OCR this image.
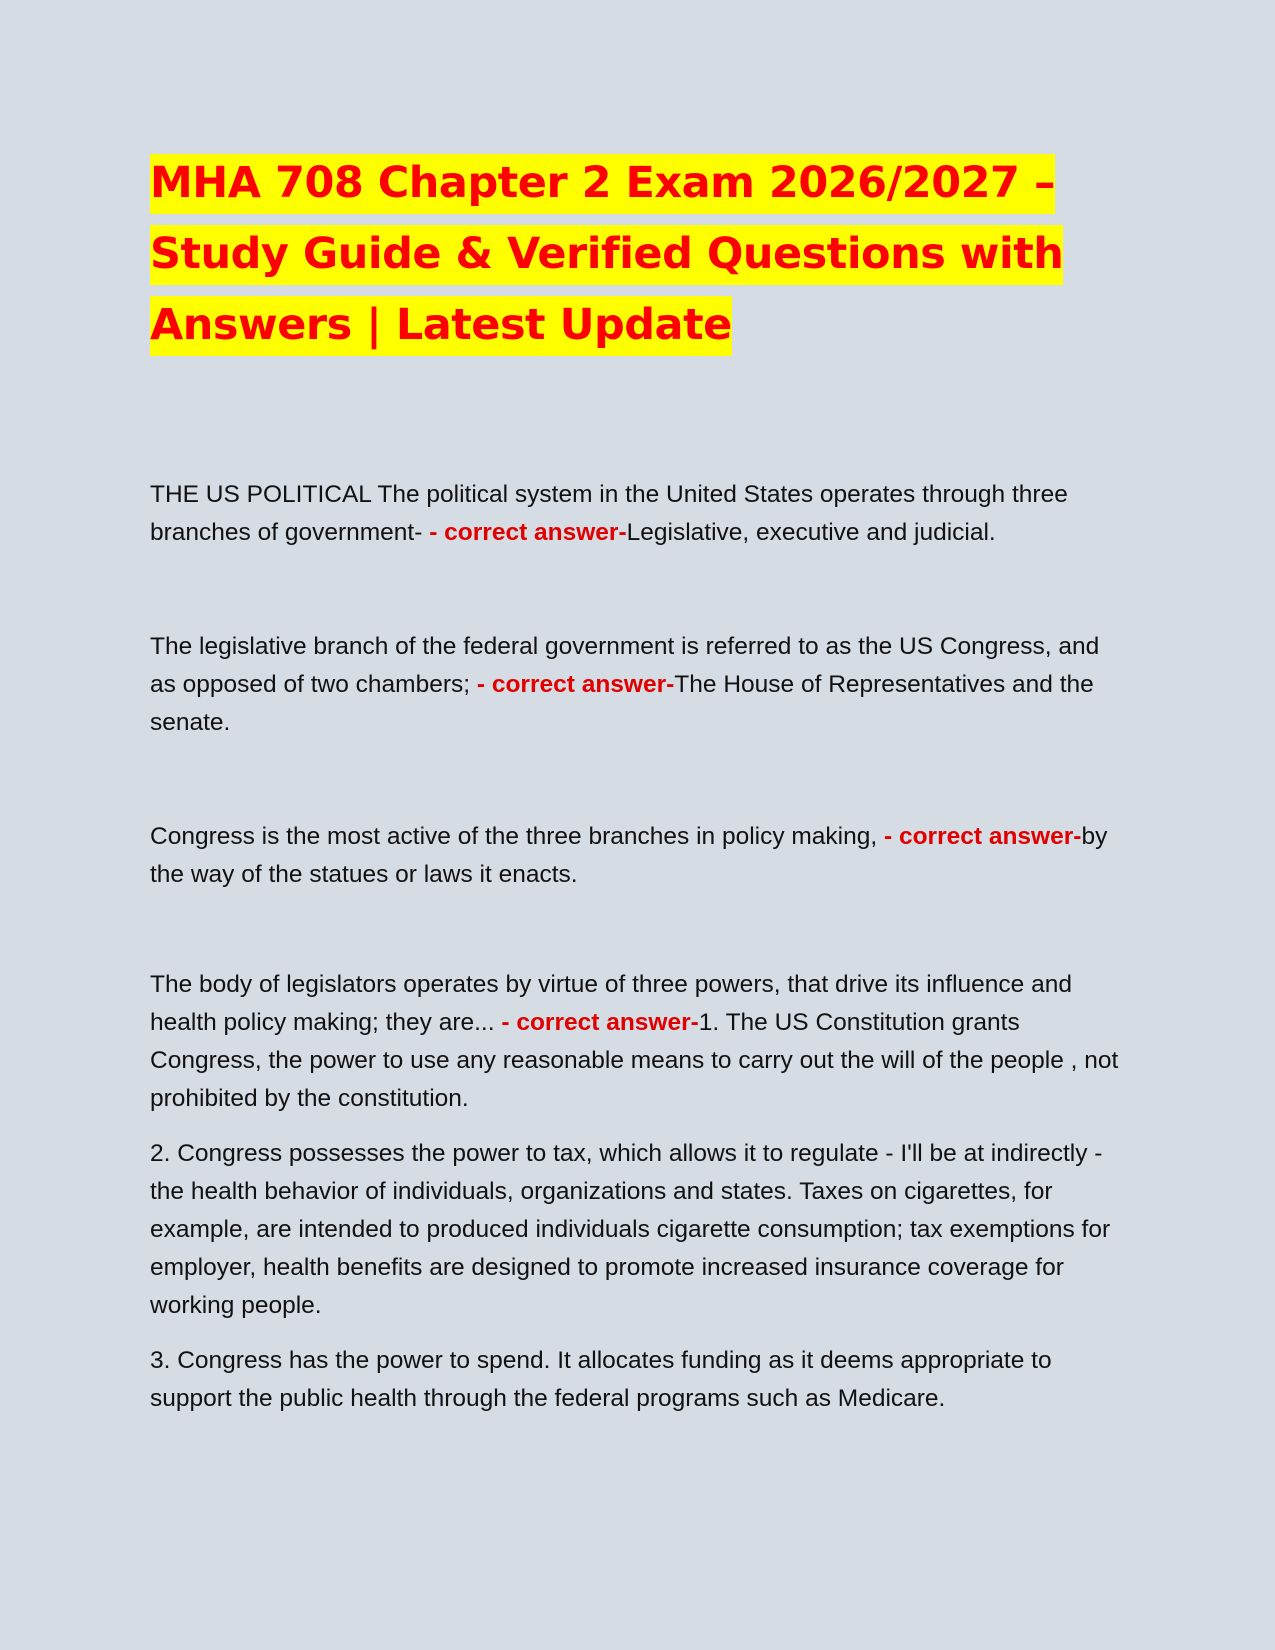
MHA 708 Chapter 2 Exam 2026/2027 – Study Guide & Verified Questions with Answers | Latest Update

THE US POLITICAL The political system in the United States operates through three branches of government- - correct answer-Legislative, executive and judicial.

The legislative branch of the federal government is referred to as the US Congress, and as opposed of two chambers; - correct answer-The House of Representatives and the senate.

Congress is the most active of the three branches in policy making, - correct answer-by the way of the statues or laws it enacts.

The body of legislators operates by virtue of three powers, that drive its influence and health policy making; they are... - correct answer-1. The US Constitution grants Congress, the power to use any reasonable means to carry out the will of the people , not prohibited by the constitution.

2. Congress possesses the power to tax, which allows it to regulate - I'll be at indirectly - the health behavior of individuals, organizations and states. Taxes on cigarettes, for example, are intended to produced individuals cigarette consumption; tax exemptions for employer, health benefits are designed to promote increased insurance coverage for working people.

3. Congress has the power to spend. It allocates funding as it deems appropriate to support the public health through the federal programs such as Medicare.
